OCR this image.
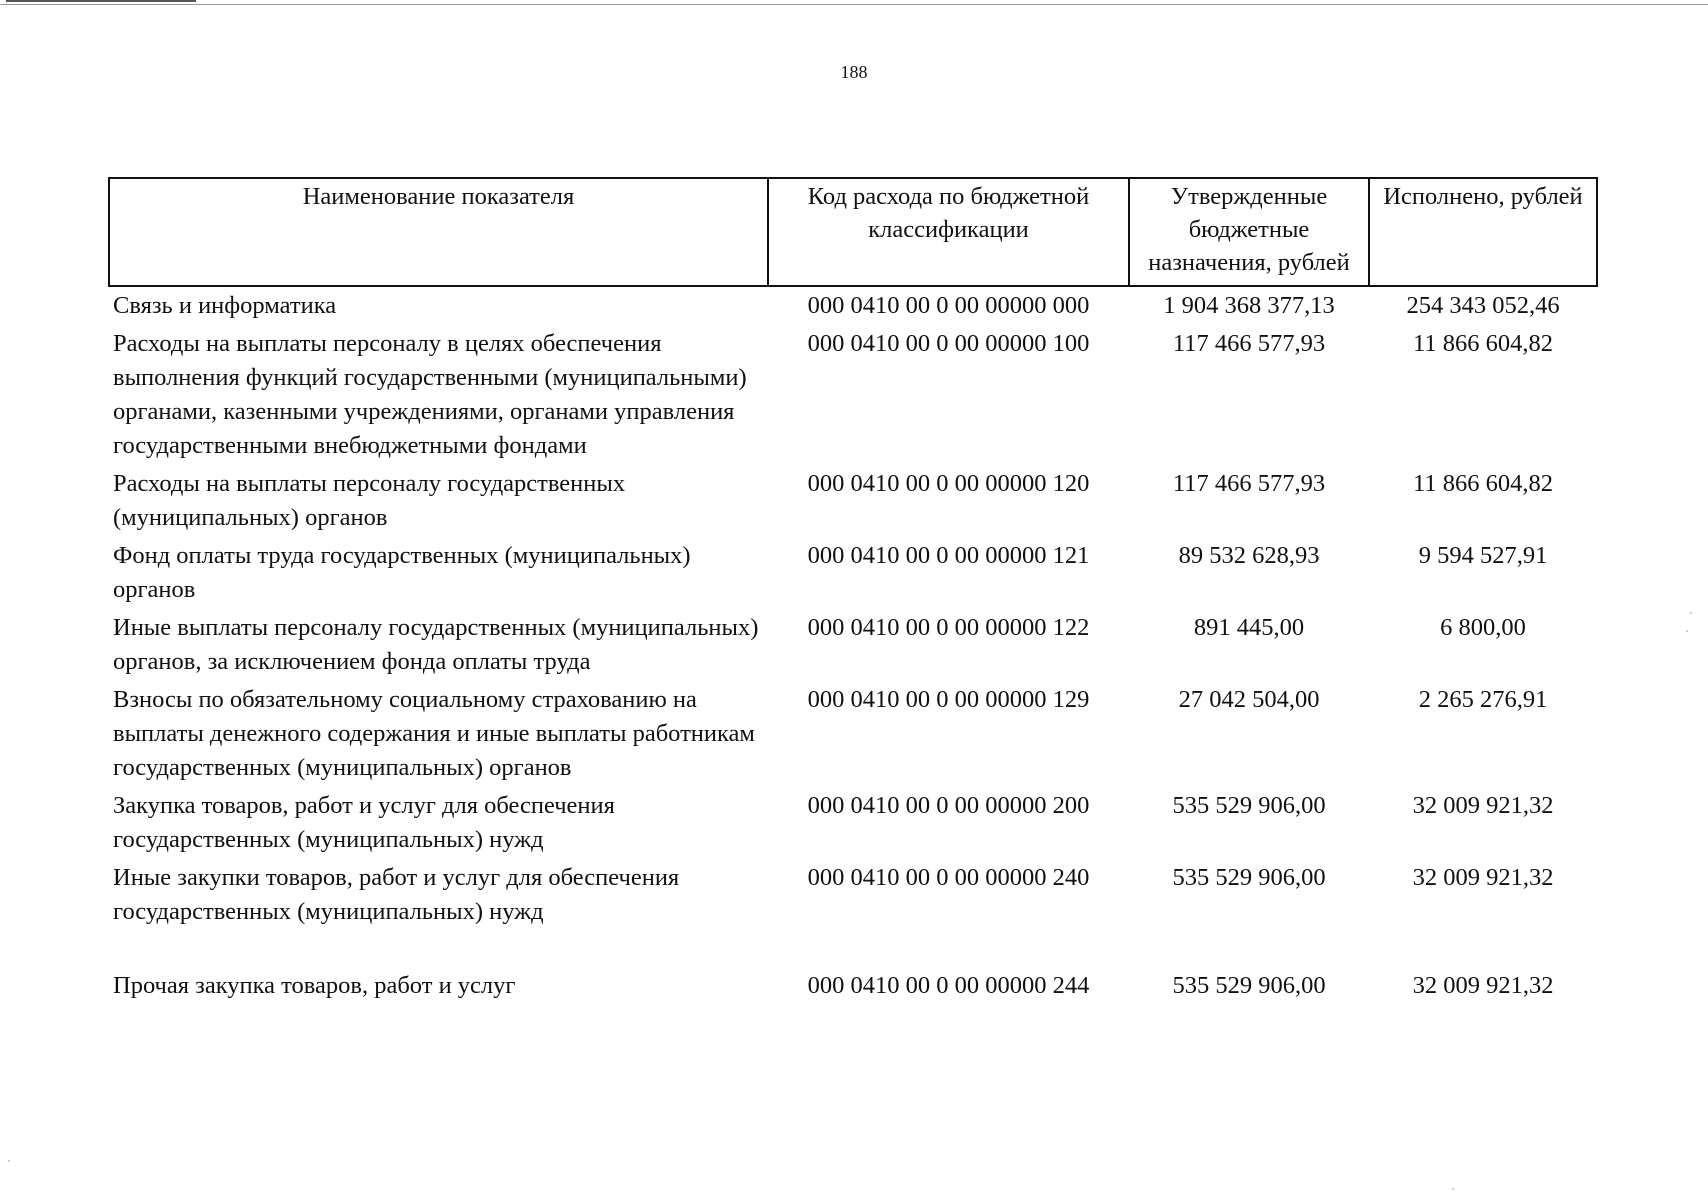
188
Наименование показателя	Код расхода по бюджетной классификации	Утвержденные бюджетные назначения, рублей	Исполнено, рублей
Связь и информатика	000 0410 00 0 00 00000 000	1 904 368 377,13	254 343 052,46
Расходы на выплаты персоналу в целях обеспечения выполнения функций государственными (муниципальными) органами, казенными учреждениями, органами управления государственными внебюджетными фондами	000 0410 00 0 00 00000 100	117 466 577,93	11 866 604,82
Расходы на выплаты персоналу государственных (муниципальных) органов	000 0410 00 0 00 00000 120	117 466 577,93	11 866 604,82
Фонд оплаты труда государственных (муниципальных) органов	000 0410 00 0 00 00000 121	89 532 628,93	9 594 527,91
Иные выплаты персоналу государственных (муниципальных) органов, за исключением фонда оплаты труда	000 0410 00 0 00 00000 122	891 445,00	6 800,00
Взносы по обязательному социальному страхованию на выплаты денежного содержания и иные выплаты работникам государственных (муниципальных) органов	000 0410 00 0 00 00000 129	27 042 504,00	2 265 276,91
Закупка товаров, работ и услуг для обеспечения государственных (муниципальных) нужд	000 0410 00 0 00 00000 200	535 529 906,00	32 009 921,32
Иные закупки товаров, работ и услуг для обеспечения государственных (муниципальных) нужд	000 0410 00 0 00 00000 240	535 529 906,00	32 009 921,32
Прочая закупка товаров, работ и услуг	000 0410 00 0 00 00000 244	535 529 906,00	32 009 921,32
